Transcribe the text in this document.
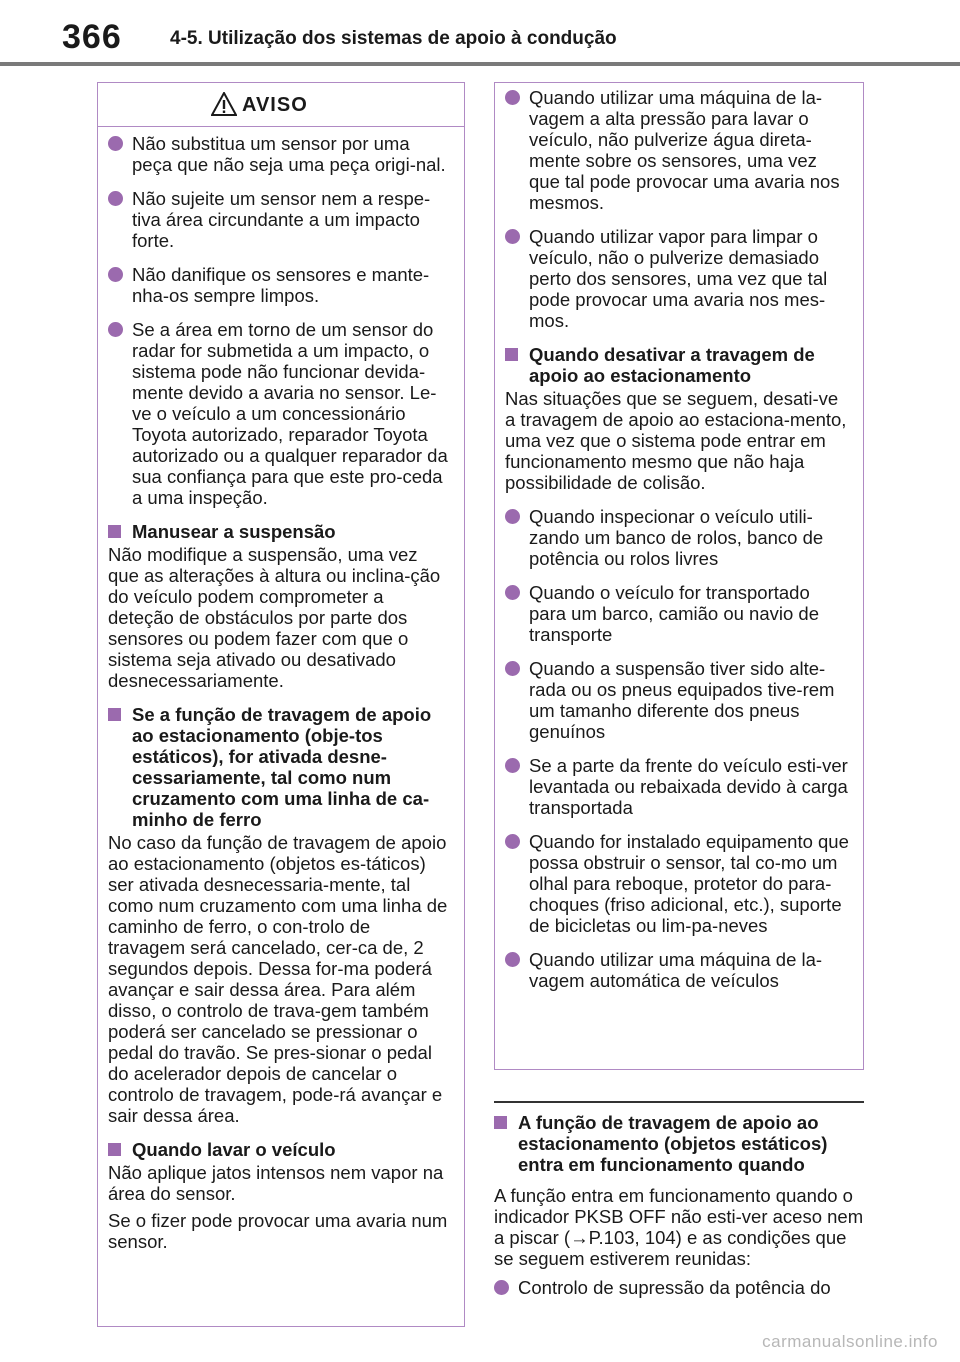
366	4-5. Utilização dos sistemas de apoio à condução
AVISO
Não substitua um sensor por uma peça que não seja uma peça origi-nal.
Não sujeite um sensor nem a respe-tiva área circundante a um impacto forte.
Não danifique os sensores e mante-nha-os sempre limpos.
Se a área em torno de um sensor do radar for submetida a um impacto, o sistema pode não funcionar devida-mente devido a avaria no sensor. Le-ve o veículo a um concessionário Toyota autorizado, reparador Toyota autorizado ou a qualquer reparador da sua confiança para que este pro-ceda a uma inspeção.
Manusear a suspensão
Não modifique a suspensão, uma vez que as alterações à altura ou inclina-ção do veículo podem comprometer a deteção de obstáculos por parte dos sensores ou podem fazer com que o sistema seja ativado ou desativado desnecessariamente.
Se a função de travagem de apoio ao estacionamento (obje-tos estáticos), for ativada desne-cessariamente, tal como num cruzamento com uma linha de ca-minho de ferro
No caso da função de travagem de apoio ao estacionamento (objetos es-táticos) ser ativada desnecessaria-mente, tal como num cruzamento com uma linha de caminho de ferro, o con-trolo de travagem será cancelado, cer-ca de, 2 segundos depois. Dessa for-ma poderá avançar e sair dessa área. Para além disso, o controlo de trava-gem também poderá ser cancelado se pressionar o pedal do travão. Se pres-sionar o pedal do acelerador depois de cancelar o controlo de travagem, pode-rá avançar e sair dessa área.
Quando lavar o veículo
Não aplique jatos intensos nem vapor na área do sensor.
Se o fizer pode provocar uma avaria num sensor.
Quando utilizar uma máquina de la-vagem a alta pressão para lavar o veículo, não pulverize água direta-mente sobre os sensores, uma vez que tal pode provocar uma avaria nos mesmos.
Quando utilizar vapor para limpar o veículo, não o pulverize demasiado perto dos sensores, uma vez que tal pode provocar uma avaria nos mes-mos.
Quando desativar a travagem de apoio ao estacionamento
Nas situações que se seguem, desati-ve a travagem de apoio ao estaciona-mento, uma vez que o sistema pode entrar em funcionamento mesmo que não haja possibilidade de colisão.
Quando inspecionar o veículo utili-zando um banco de rolos, banco de potência ou rolos livres
Quando o veículo for transportado para um barco, camião ou navio de transporte
Quando a suspensão tiver sido alte-rada ou os pneus equipados tive-rem um tamanho diferente dos pneus genuínos
Se a parte da frente do veículo esti-ver levantada ou rebaixada devido à carga transportada
Quando for instalado equipamento que possa obstruir o sensor, tal co-mo um olhal para reboque, protetor do para-choques (friso adicional, etc.), suporte de bicicletas ou lim-pa-neves
Quando utilizar uma máquina de la-vagem automática de veículos
A função de travagem de apoio ao estacionamento (objetos estáticos) entra em funcionamento quando
A função entra em funcionamento quando o indicador PKSB OFF não esti-ver aceso nem a piscar (→P.103, 104) e as condições que se seguem estiverem reunidas:
Controlo de supressão da potência do
carmanualsonline.info
